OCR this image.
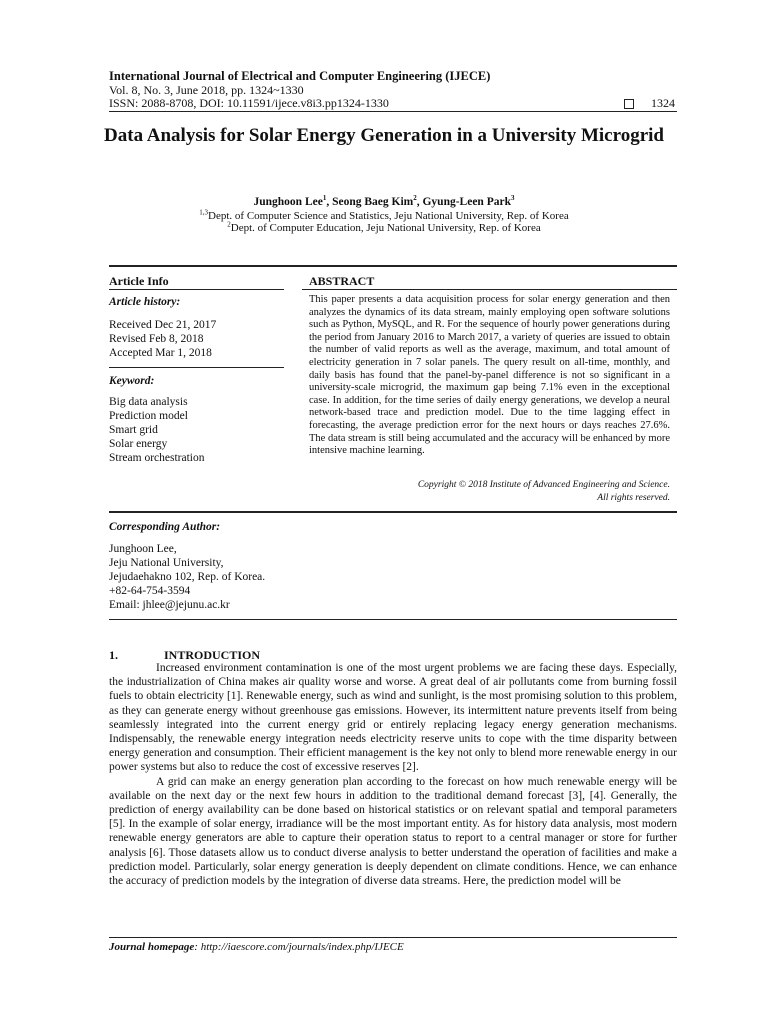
International Journal of Electrical and Computer Engineering (IJECE)
Vol. 8, No. 3, June 2018, pp. 1324~1330
ISSN: 2088-8708, DOI: 10.11591/ijece.v8i3.pp1324-1330	1324
Data Analysis for Solar Energy Generation in a University Microgrid
Junghoon Lee$^1$, Seong Baeg Kim$^2$, Gyung-Leen Park$^3$
$^{1,3}$Dept. of Computer Science and Statistics, Jeju National University, Rep. of Korea
$^2$Dept. of Computer Education, Jeju National University, Rep. of Korea
Article Info	ABSTRACT
Article history:
Received Dec 21, 2017
Revised Feb 8, 2018
Accepted Mar 1, 2018
Keyword:
Big data analysis
Prediction model
Smart grid
Solar energy
Stream orchestration
This paper presents a data acquisition process for solar energy generation and then analyzes the dynamics of its data stream, mainly employing open software solutions such as Python, MySQL, and R. For the sequence of hourly power generations during the period from January 2016 to March 2017, a variety of queries are issued to obtain the number of valid reports as well as the average, maximum, and total amount of electricity generation in 7 solar panels. The query result on all-time, monthly, and daily basis has found that the panel-by-panel difference is not so significant in a university-scale microgrid, the maximum gap being 7.1% even in the exceptional case. In addition, for the time series of daily energy generations, we develop a neural network-based trace and prediction model. Due to the time lagging effect in forecasting, the average prediction error for the next hours or days reaches 27.6%. The data stream is still being accumulated and the accuracy will be enhanced by more intensive machine learning.
Copyright © 2018 Institute of Advanced Engineering and Science.
All rights reserved.
Corresponding Author:
Junghoon Lee,
Jeju National University,
Jejudaehakno 102, Rep. of Korea.
+82-64-754-3594
Email: jhlee@jejunu.ac.kr
1.	INTRODUCTION

Increased environment contamination is one of the most urgent problems we are facing these days. Especially, the industrialization of China makes air quality worse and worse. A great deal of air pollutants come from burning fossil fuels to obtain electricity [1]. Renewable energy, such as wind and sunlight, is the most promising solution to this problem, as they can generate energy without greenhouse gas emissions. However, its intermittent nature prevents itself from being seamlessly integrated into the current energy grid or entirely replacing legacy energy generation mechanisms. Indispensably, the renewable energy integration needs electricity reserve units to cope with the time disparity between energy generation and consumption. Their efficient management is the key not only to blend more renewable energy in our power systems but also to reduce the cost of excessive reserves [2].

A grid can make an energy generation plan according to the forecast on how much renewable energy will be available on the next day or the next few hours in addition to the traditional demand forecast [3], [4]. Generally, the prediction of energy availability can be done based on historical statistics or on relevant spatial and temporal parameters [5]. In the example of solar energy, irradiance will be the most important entity. As for history data analysis, most modern renewable energy generators are able to capture their operation status to report to a central manager or store for further analysis [6]. Those datasets allow us to conduct diverse analysis to better understand the operation of facilities and make a prediction model. Particularly, solar energy generation is deeply dependent on climate conditions. Hence, we can enhance the accuracy of prediction models by the integration of diverse data streams. Here, the prediction model will be

Journal homepage: http://iaescore.com/journals/index.php/IJECE
